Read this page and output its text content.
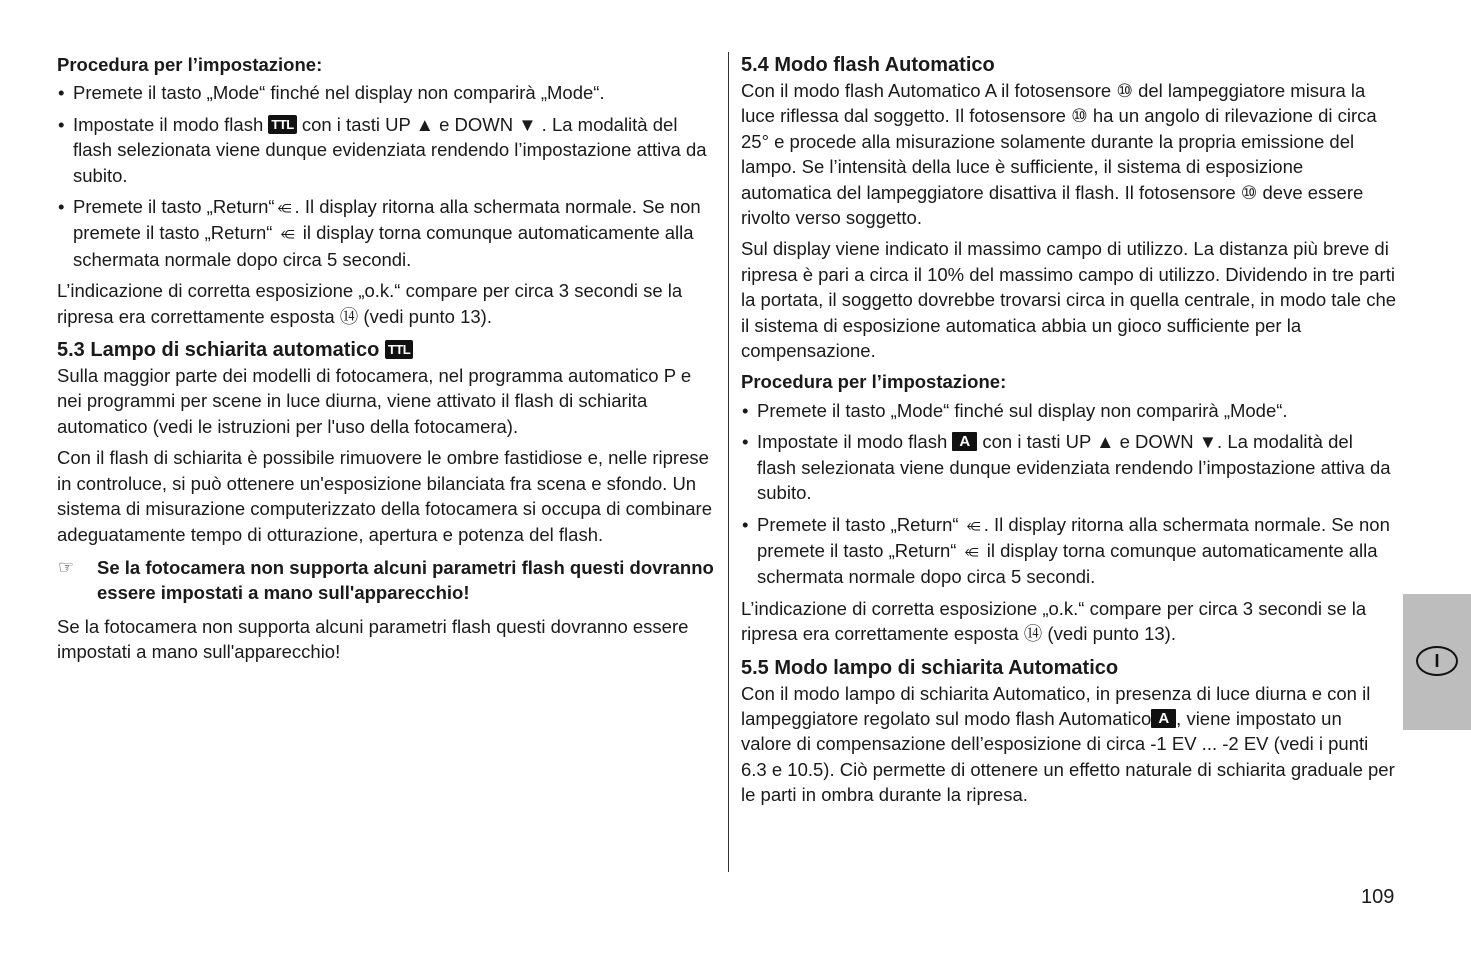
Procedura per l’impostazione:

• Premete il tasto „Mode“ finché nel display non comparirà „Mode“.
• Impostate il modo flash TTL con i tasti UP ▲ e DOWN ▼ . La modalità del flash selezionata viene dunque evidenziata rendendo l’impostazione attiva da subito.
• Premete il tasto „Return“ ⥺ . Il display ritorna alla schermata normale. Se non premete il tasto „Return“ ⥺ il display torna comunque automaticamente alla schermata normale dopo circa 5 secondi.

L’indicazione di corretta esposizione „o.k.“ compare per circa 3 secondi se la ripresa era correttamente esposta ⑭ (vedi punto 13).

5.3 Lampo di schiarita automatico TTL

Sulla maggior parte dei modelli di fotocamera, nel programma automatico P e nei programmi per scene in luce diurna, viene attivato il flash di schiarita automatico (vedi le istruzioni per l'uso della fotocamera).

Con il flash di schiarita è possibile rimuovere le ombre fastidiose e, nelle riprese in controluce, si può ottenere un'esposizione bilanciata fra scena e sfondo. Un sistema di misurazione computerizzato della fotocamera si occupa di combinare adeguatamente tempo di otturazione, apertura e potenza del flash.

☞ Se la fotocamera non supporta alcuni parametri flash questi dovranno essere impostati a mano sull'apparecchio!

Se la fotocamera non supporta alcuni parametri flash questi dovranno essere impostati a mano sull'apparecchio!

5.4 Modo flash Automatico

Con il modo flash Automatico A il fotosensore ⑩ del lampeggiatore misura la luce riflessa dal soggetto. Il fotosensore ⑩ ha un angolo di rilevazione di circa 25° e procede alla misurazione solamente durante la propria emissione del lampo. Se l’intensità della luce è sufficiente, il sistema di esposizione automatica del lampeggiatore disattiva il flash. Il fotosensore ⑩ deve essere rivolto verso soggetto.

Sul display viene indicato il massimo campo di utilizzo. La distanza più breve di ripresa è pari a circa il 10% del massimo campo di utilizzo. Dividendo in tre parti la portata, il soggetto dovrebbe trovarsi circa in quella centrale, in modo tale che il sistema di esposizione automatica abbia un gioco sufficiente per la compensazione.

Procedura per l’impostazione:

• Premete il tasto „Mode“ finché sul display non comparirà „Mode“.
• Impostate il modo flash A con i tasti UP ▲ e DOWN ▼. La modalità del flash selezionata viene dunque evidenziata rendendo l’impostazione attiva da subito.
• Premete il tasto „Return“ ⥺ . Il display ritorna alla schermata normale. Se non premete il tasto „Return“ ⥺ il display torna comunque automaticamente alla schermata normale dopo circa 5 secondi.

L’indicazione di corretta esposizione „o.k.“ compare per circa 3 secondi se la ripresa era correttamente esposta ⑭ (vedi punto 13).

5.5 Modo lampo di schiarita Automatico

Con il modo lampo di schiarita Automatico, in presenza di luce diurna e con il lampeggiatore regolato sul modo flash Automatico A , viene impostato un valore di compensazione dell’esposizione di circa -1 EV ... -2 EV (vedi i punti 6.3 e 10.5). Ciò permette di ottenere un effetto naturale di schiarita graduale per le parti in ombra durante la ripresa.

I
109
